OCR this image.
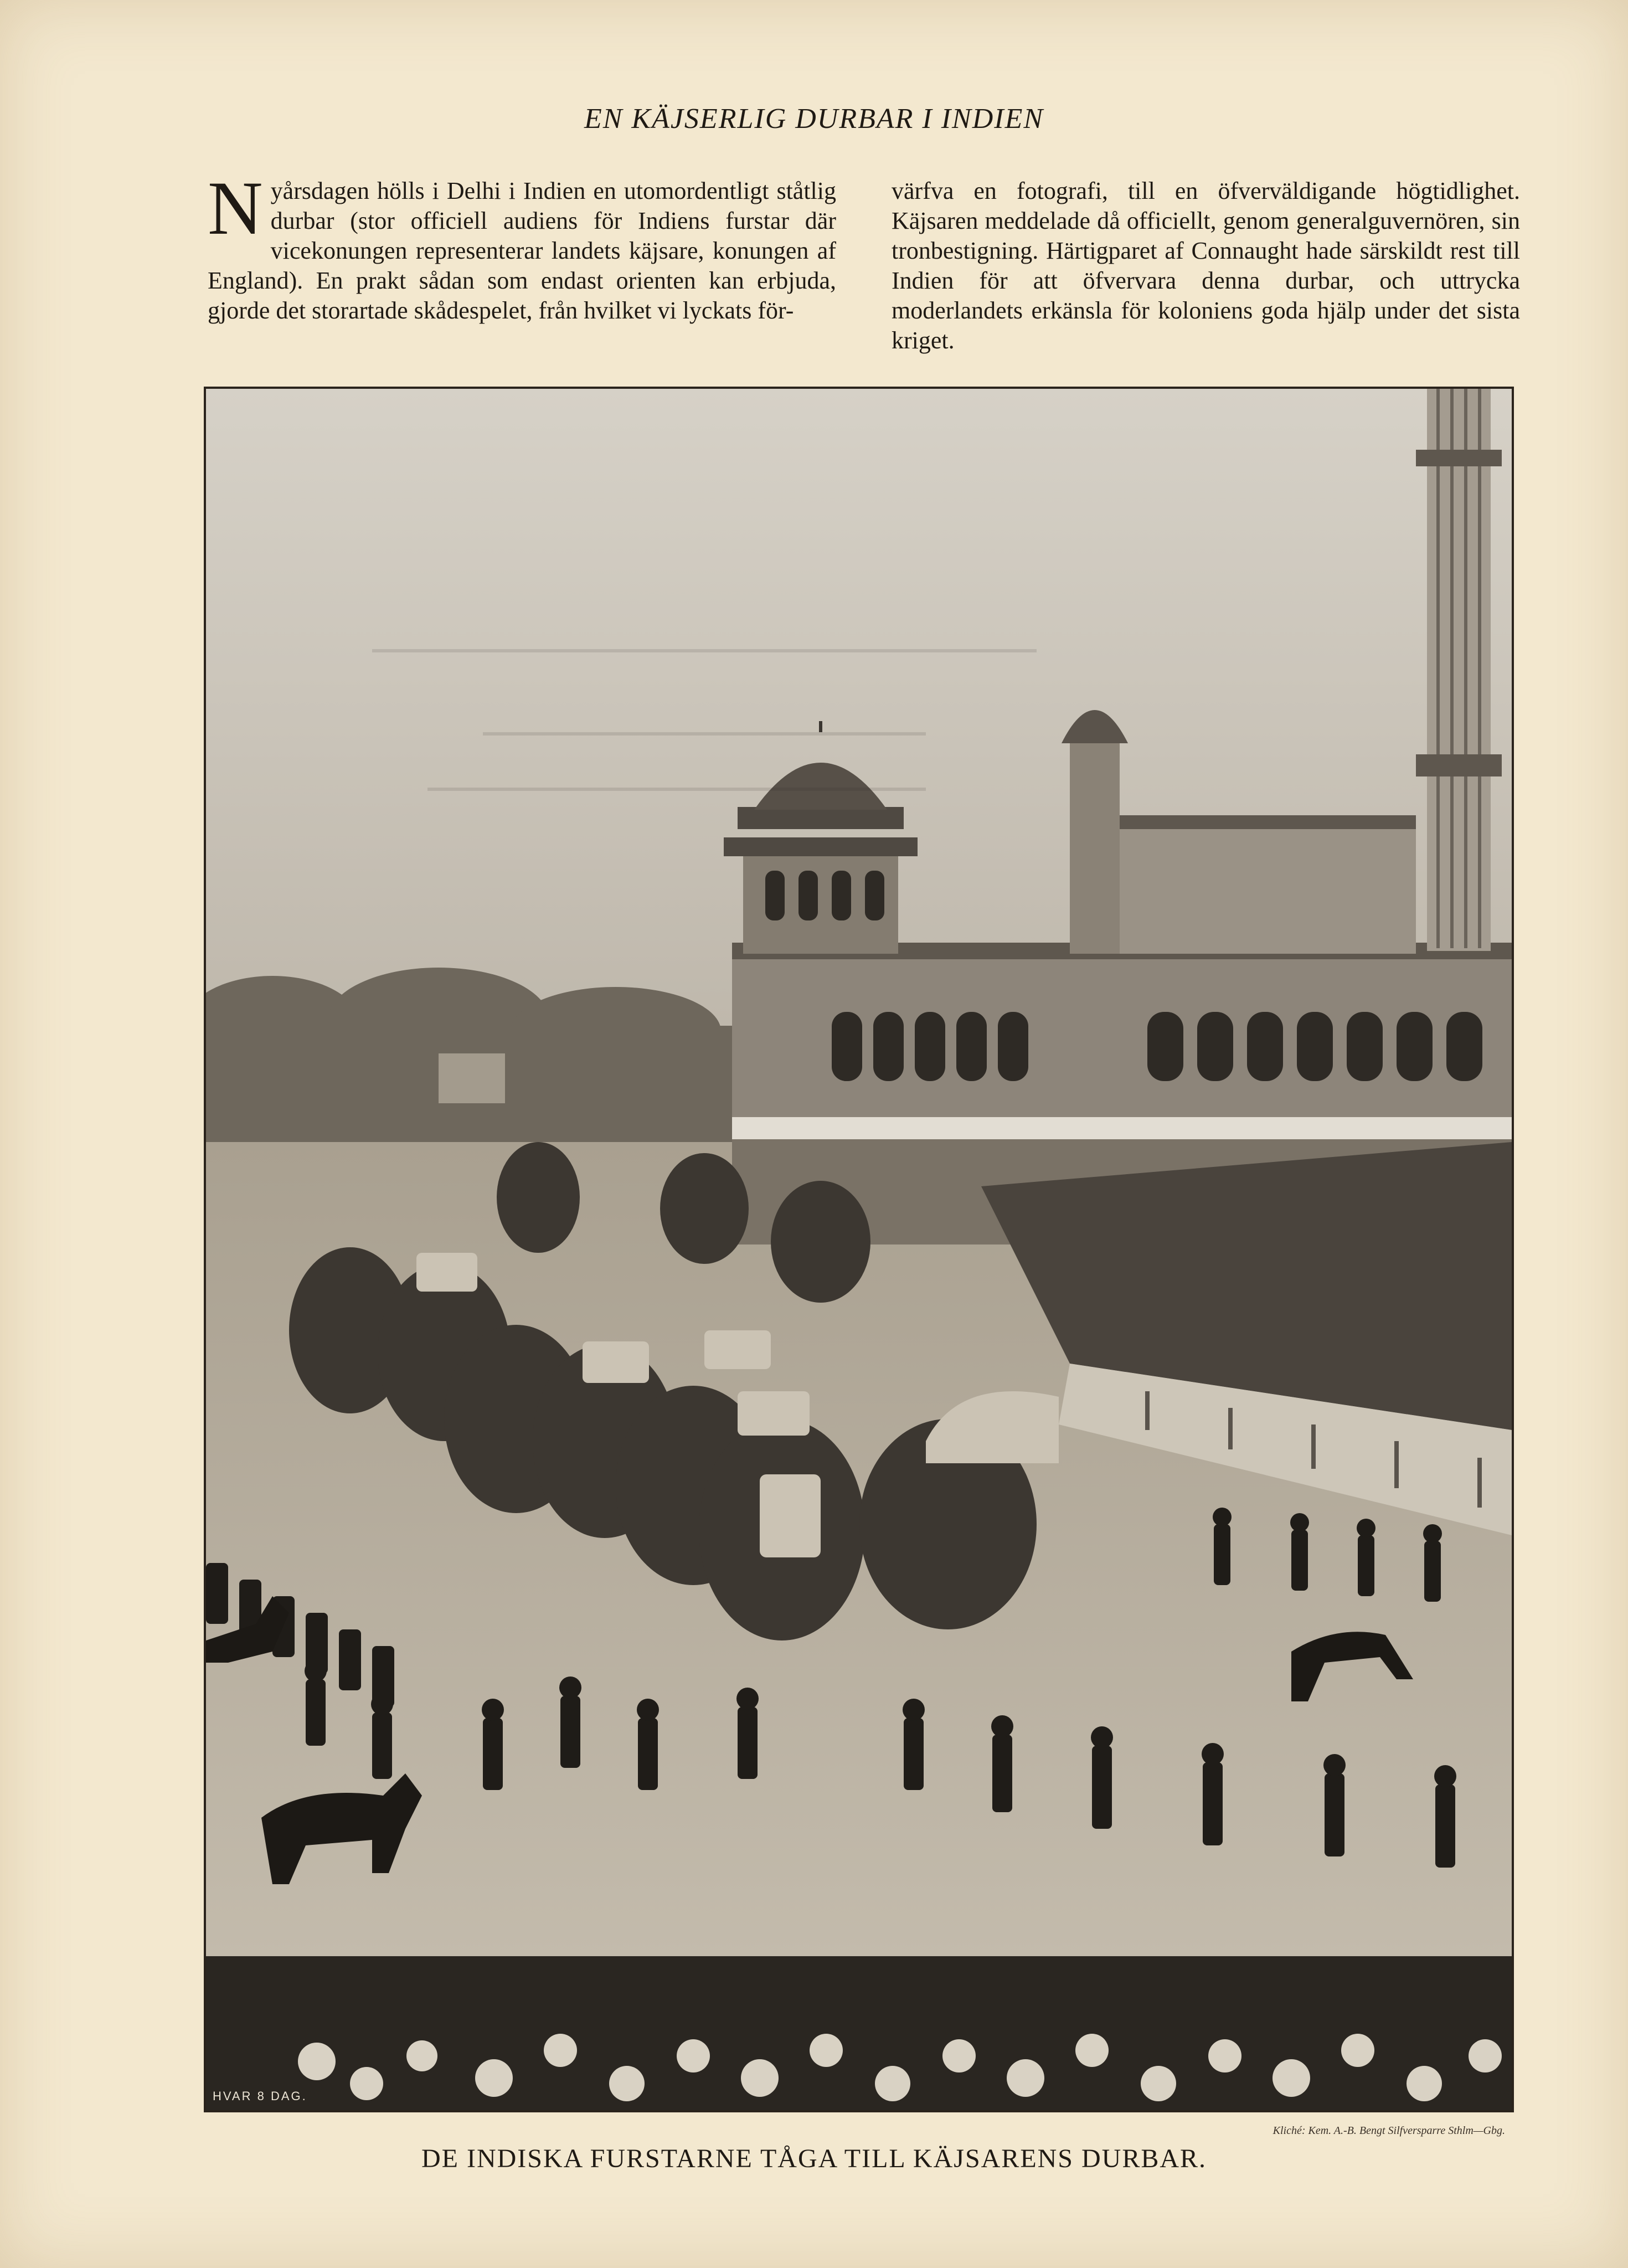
EN KÄJSERLIG DURBAR I INDIEN
Nyårsdagen hölls i Delhi i Indien en utomordentligt ståtlig durbar (stor officiell audiens för Indiens furstar där vicekonungen representerar landets käjsare, konungen af England). En prakt sådan som endast orienten kan erbjuda, gjorde det storartade skådespelet, från hvilket vi lyckats för-
värfva en fotografi, till en öfverväldigande högtidlighet. Käjsaren meddelade då officiellt, genom generalguvernören, sin tronbestigning. Härtigparet af Connaught hade särskildt rest till Indien för att öfvervara denna durbar, och uttrycka moderlandets erkänsla för koloniens goda hjälp under det sista kriget.
HVAR 8 DAG.
Kliché: Kem. A.-B. Bengt Silfversparre Sthlm—Gbg.
DE INDISKA FURSTARNE TÅGA TILL KÄJSARENS DURBAR.
